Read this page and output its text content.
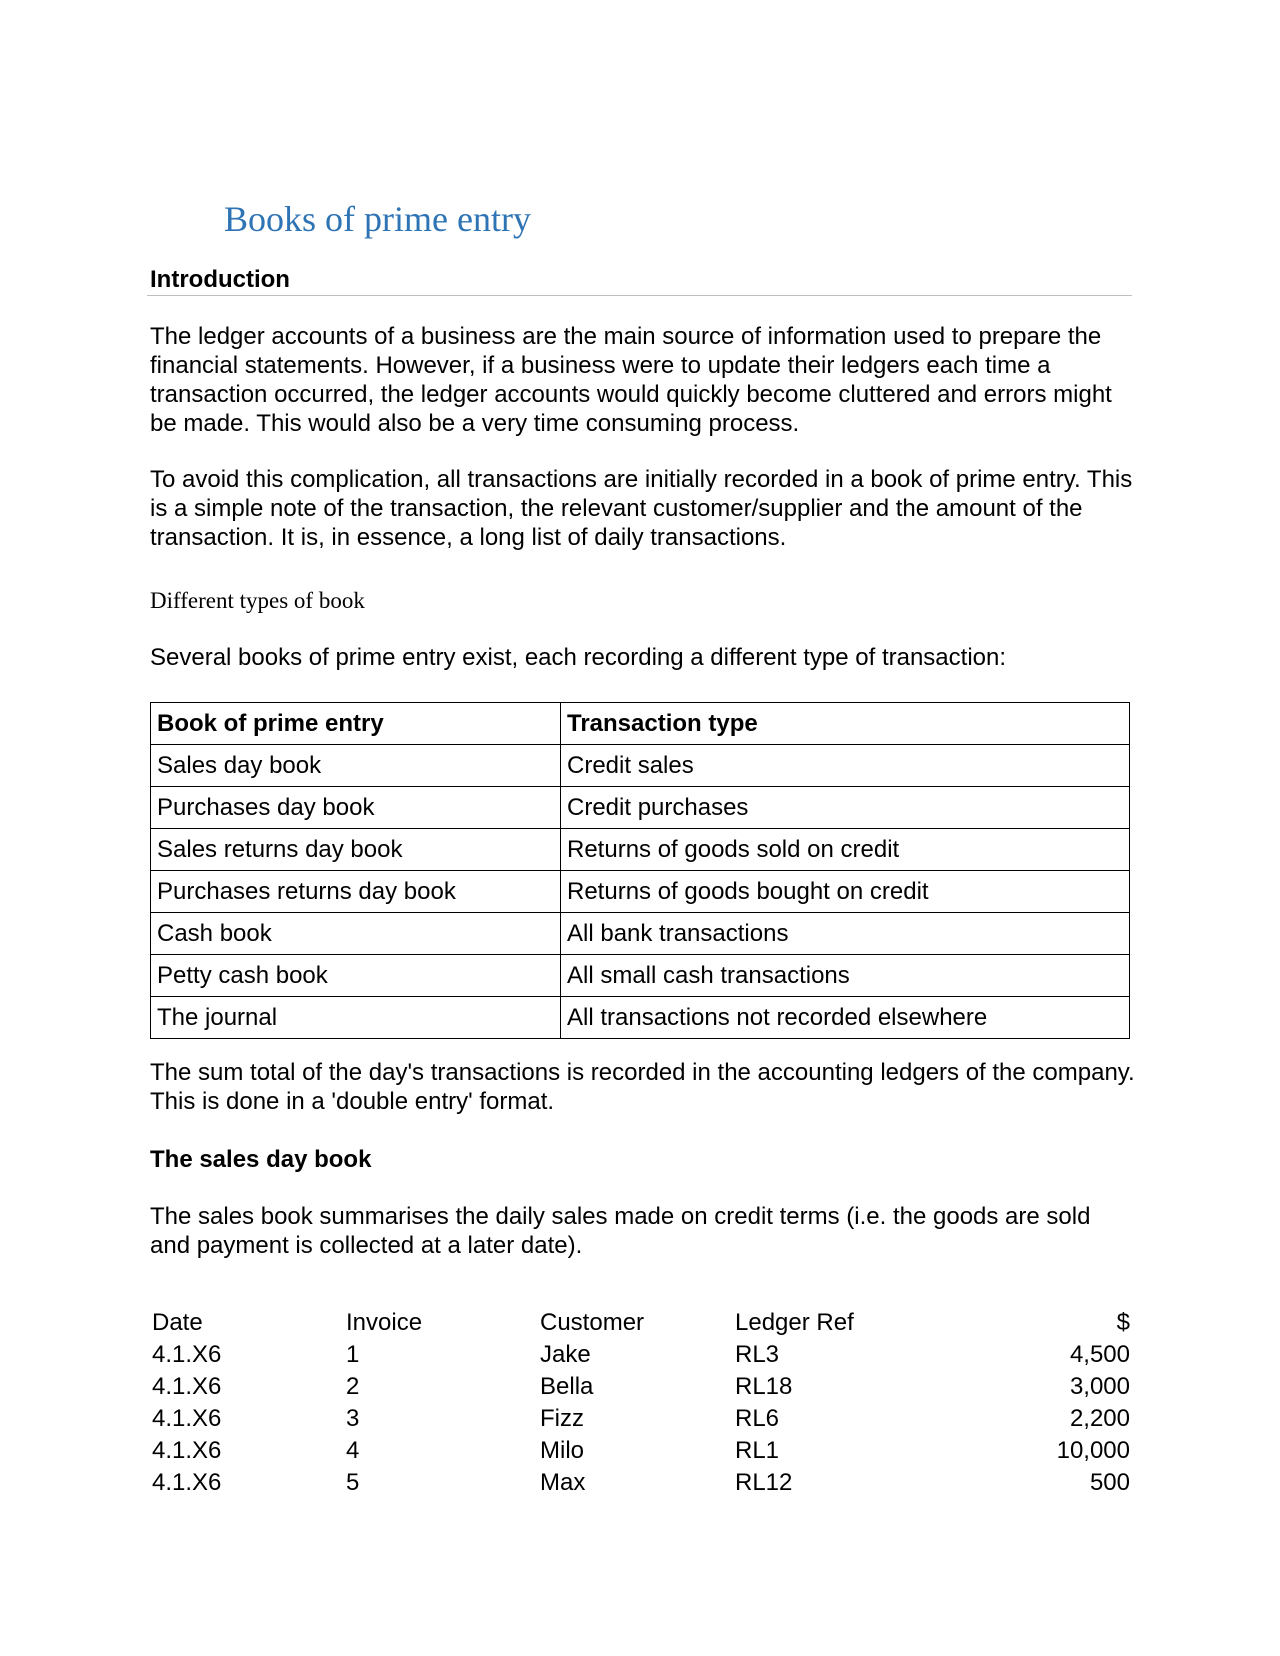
Books of prime entry
Introduction

The ledger accounts of a business are the main source of information used to prepare the financial statements. However, if a business were to update their ledgers each time a transaction occurred, the ledger accounts would quickly become cluttered and errors might be made. This would also be a very time consuming process.

To avoid this complication, all transactions are initially recorded in a book of prime entry. This is a simple note of the transaction, the relevant customer/supplier and the amount of the transaction. It is, in essence, a long list of daily transactions.

Different types of book

Several books of prime entry exist, each recording a different type of transaction:

Book of prime entry	Transaction type
Sales day book	Credit sales
Purchases day book	Credit purchases
Sales returns day book	Returns of goods sold on credit
Purchases returns day book	Returns of goods bought on credit
Cash book	All bank transactions
Petty cash book	All small cash transactions
The journal	All transactions not recorded elsewhere

The sum total of the day's transactions is recorded in the accounting ledgers of the company. This is done in a 'double entry' format.

The sales day book

The sales book summarises the daily sales made on credit terms (i.e. the goods are sold and payment is collected at a later date).

Date	Invoice	Customer	Ledger Ref	$
4.1.X6	1	Jake	RL3	4,500
4.1.X6	2	Bella	RL18	3,000
4.1.X6	3	Fizz	RL6	2,200
4.1.X6	4	Milo	RL1	10,000
4.1.X6	5	Max	RL12	500
